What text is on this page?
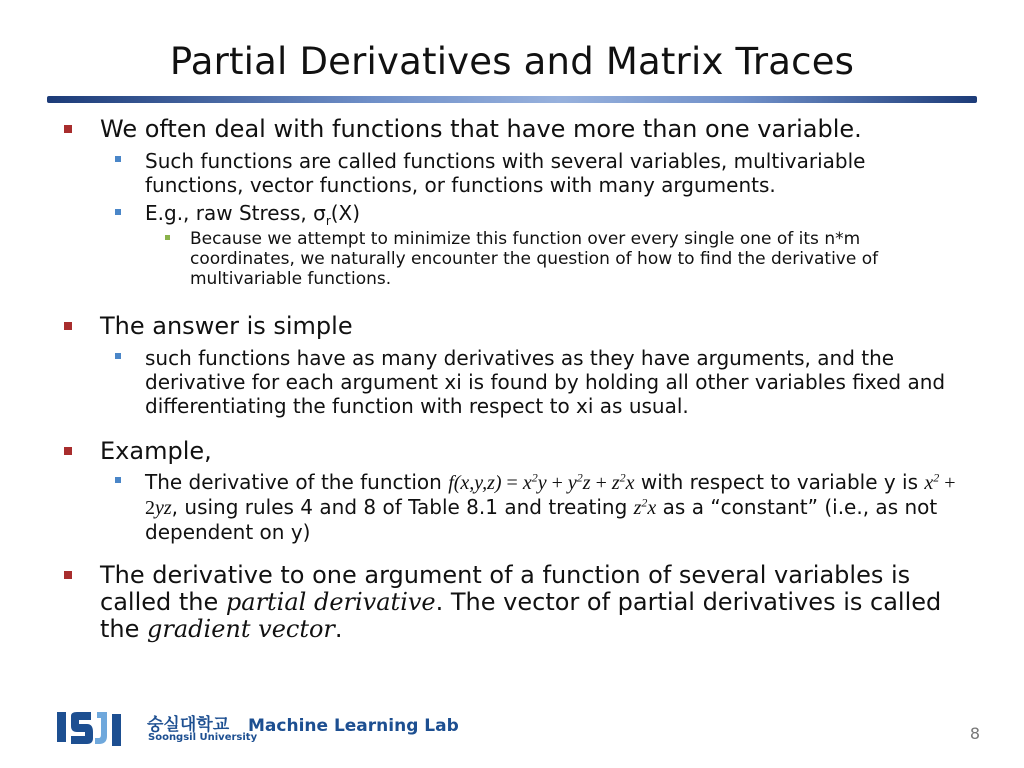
Partial Derivatives and Matrix Traces
We often deal with functions that have more than one variable.
Such functions are called functions with several variables, multivariable functions, vector functions, or functions with many arguments.
E.g., raw Stress, $\sigma_r(X)$
Because we attempt to minimize this function over every single one of its n*m coordinates, we naturally encounter the question of how to find the derivative of multivariable functions.
The answer is simple
such functions have as many derivatives as they have arguments, and the derivative for each argument xi is found by holding all other variables fixed and differentiating the function with respect to xi as usual.
Example,
The derivative of the function $f(x,y,z) = x^2y + y^2z + z^2x$ with respect to variable y is $x^2 + 2yz$, using rules 4 and 8 of Table 8.1 and treating $z^2x$ as a “constant” (i.e., as not dependent on y)
The derivative to one argument of a function of several variables is called the partial derivative. The vector of partial derivatives is called the gradient vector.
숭실대학교
Soongsil University
Machine Learning Lab	8
